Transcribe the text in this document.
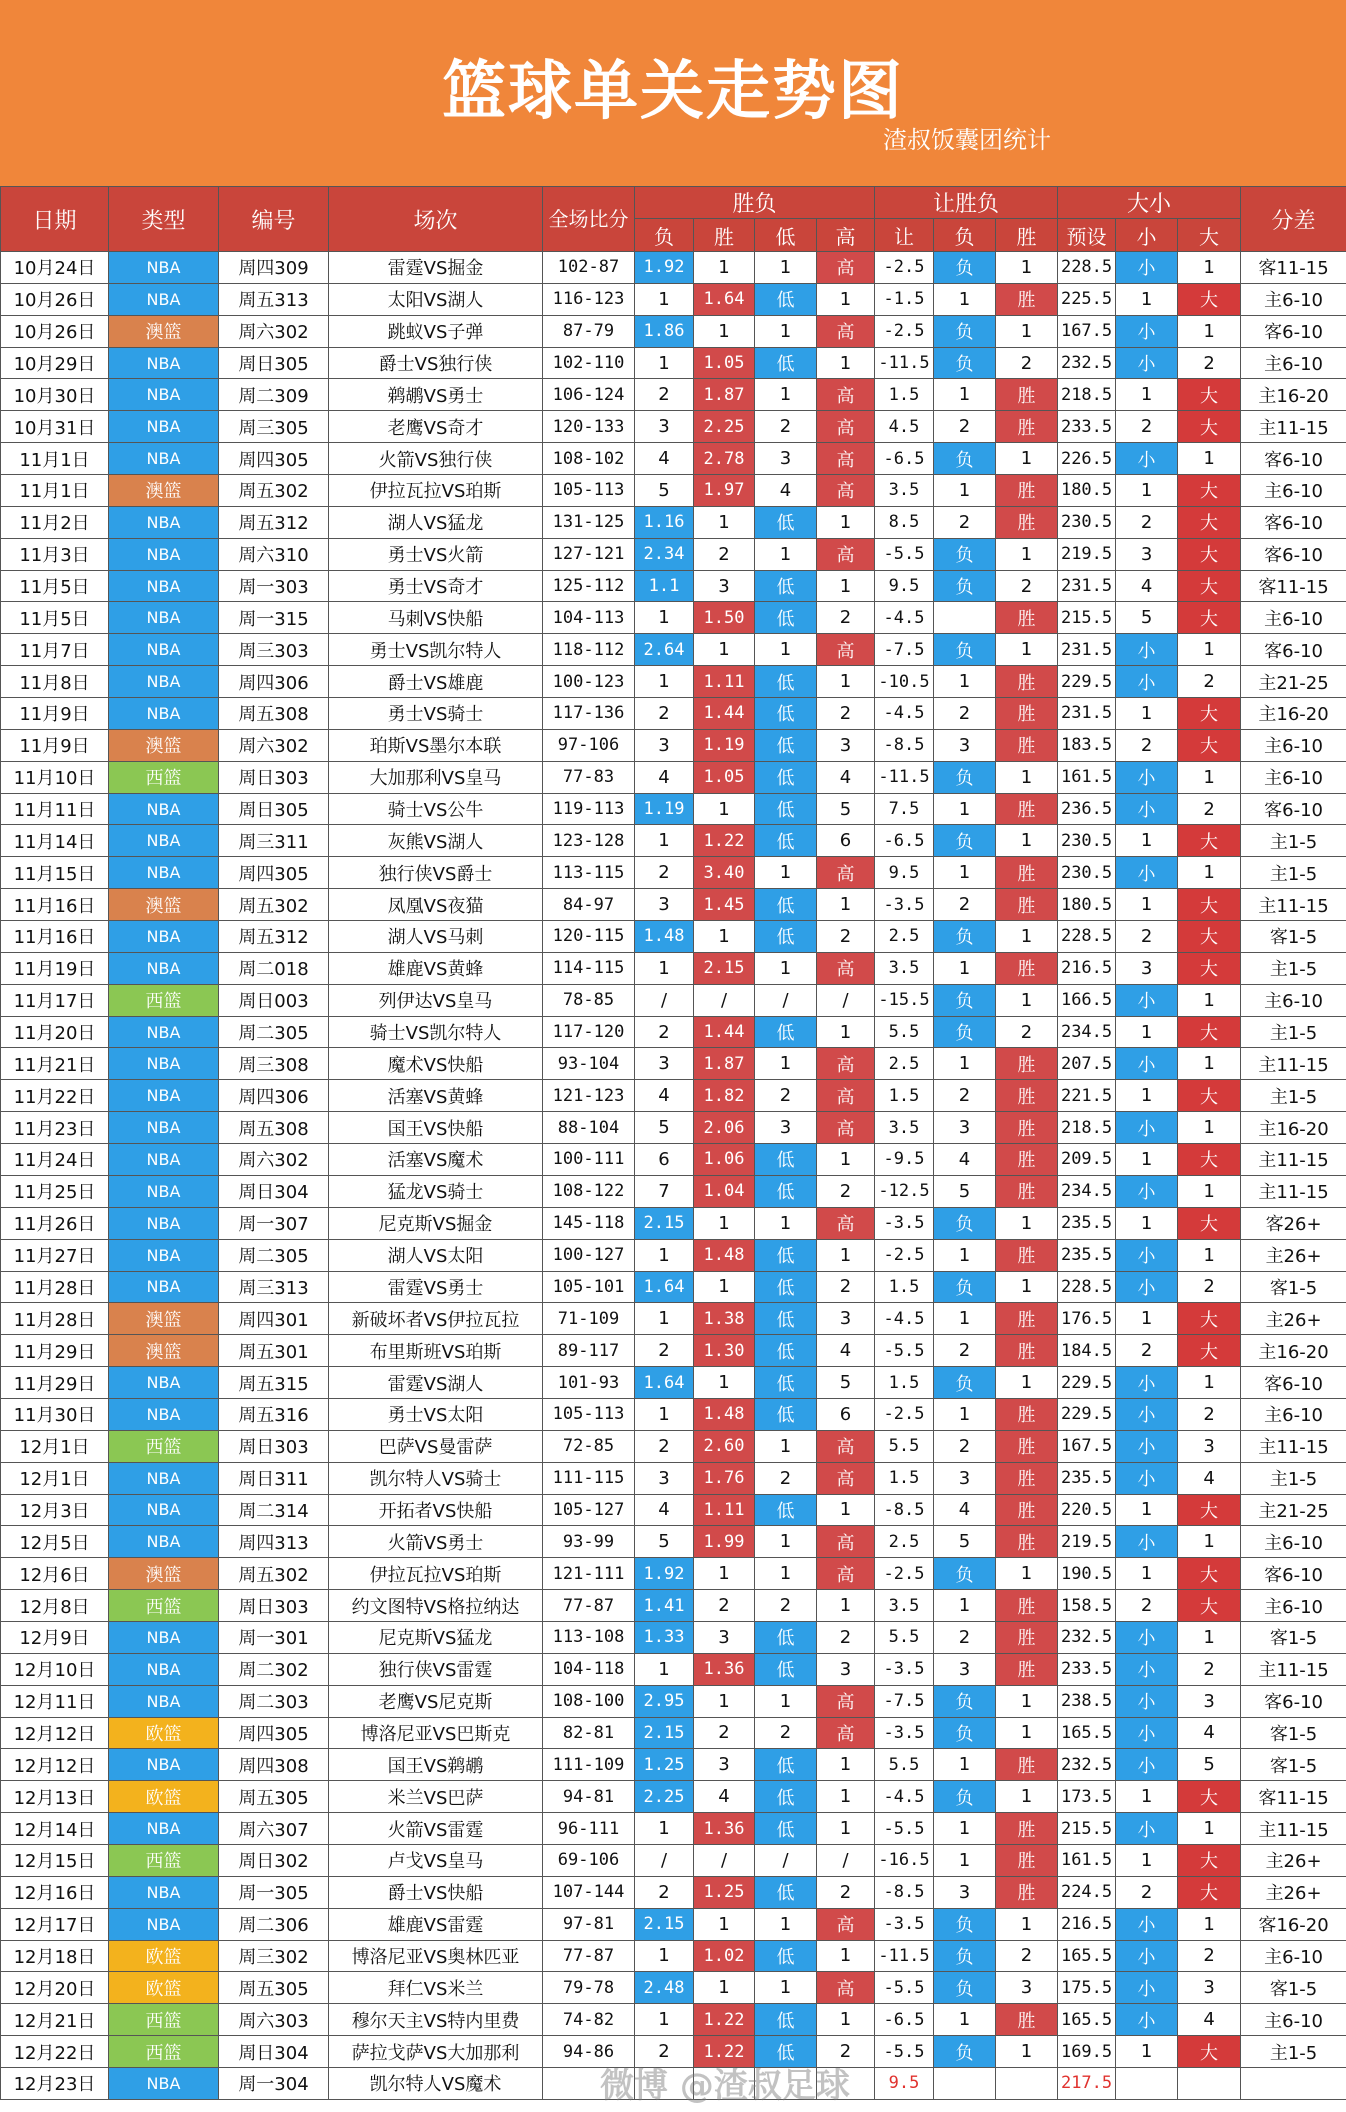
篮球单关走势图
渣叔饭囊团统计
日期	类型	编号	场次	全场比分	胜负				让胜负			大小			分差
					负	胜	低	高	让	负	胜	预设	小	大	
10月24日	NBA	周四309	雷霆VS掘金	102-87	1.92	1	1	高	-2.5	负	1	228.5	小	1	客11-15
10月26日	NBA	周五313	太阳VS湖人	116-123	1	1.64	低	1	-1.5	1	胜	225.5	1	大	主6-10
10月26日	澳篮	周六302	跳蚁VS子弹	87-79	1.86	1	1	高	-2.5	负	1	167.5	小	1	客6-10
10月29日	NBA	周日305	爵士VS独行侠	102-110	1	1.05	低	1	-11.5	负	2	232.5	小	2	主6-10
10月30日	NBA	周二309	鹈鹕VS勇士	106-124	2	1.87	1	高	1.5	1	胜	218.5	1	大	主16-20
10月31日	NBA	周三305	老鹰VS奇才	120-133	3	2.25	2	高	4.5	2	胜	233.5	2	大	主11-15
11月1日	NBA	周四305	火箭VS独行侠	108-102	4	2.78	3	高	-6.5	负	1	226.5	小	1	客6-10
11月1日	澳篮	周五302	伊拉瓦拉VS珀斯	105-113	5	1.97	4	高	3.5	1	胜	180.5	1	大	主6-10
11月2日	NBA	周五312	湖人VS猛龙	131-125	1.16	1	低	1	8.5	2	胜	230.5	2	大	客6-10
11月3日	NBA	周六310	勇士VS火箭	127-121	2.34	2	1	高	-5.5	负	1	219.5	3	大	客6-10
11月5日	NBA	周一303	勇士VS奇才	125-112	1.1	3	低	1	9.5	负	2	231.5	4	大	客11-15
11月5日	NBA	周一315	马刺VS快船	104-113	1	1.50	低	2	-4.5		胜	215.5	5	大	主6-10
11月7日	NBA	周三303	勇士VS凯尔特人	118-112	2.64	1	1	高	-7.5	负	1	231.5	小	1	客6-10
11月8日	NBA	周四306	爵士VS雄鹿	100-123	1	1.11	低	1	-10.5	1	胜	229.5	小	2	主21-25
11月9日	NBA	周五308	勇士VS骑士	117-136	2	1.44	低	2	-4.5	2	胜	231.5	1	大	主16-20
11月9日	澳篮	周六302	珀斯VS墨尔本联	97-106	3	1.19	低	3	-8.5	3	胜	183.5	2	大	主6-10
11月10日	西篮	周日303	大加那利VS皇马	77-83	4	1.05	低	4	-11.5	负	1	161.5	小	1	主6-10
11月11日	NBA	周日305	骑士VS公牛	119-113	1.19	1	低	5	7.5	1	胜	236.5	小	2	客6-10
11月14日	NBA	周三311	灰熊VS湖人	123-128	1	1.22	低	6	-6.5	负	1	230.5	1	大	主1-5
11月15日	NBA	周四305	独行侠VS爵士	113-115	2	3.40	1	高	9.5	1	胜	230.5	小	1	主1-5
11月16日	澳篮	周五302	凤凰VS夜猫	84-97	3	1.45	低	1	-3.5	2	胜	180.5	1	大	主11-15
11月16日	NBA	周五312	湖人VS马刺	120-115	1.48	1	低	2	2.5	负	1	228.5	2	大	客1-5
11月19日	NBA	周二018	雄鹿VS黄蜂	114-115	1	2.15	1	高	3.5	1	胜	216.5	3	大	主1-5
11月17日	西篮	周日003	列伊达VS皇马	78-85	/	/	/	/	-15.5	负	1	166.5	小	1	主6-10
11月20日	NBA	周二305	骑士VS凯尔特人	117-120	2	1.44	低	1	5.5	负	2	234.5	1	大	主1-5
11月21日	NBA	周三308	魔术VS快船	93-104	3	1.87	1	高	2.5	1	胜	207.5	小	1	主11-15
11月22日	NBA	周四306	活塞VS黄蜂	121-123	4	1.82	2	高	1.5	2	胜	221.5	1	大	主1-5
11月23日	NBA	周五308	国王VS快船	88-104	5	2.06	3	高	3.5	3	胜	218.5	小	1	主16-20
11月24日	NBA	周六302	活塞VS魔术	100-111	6	1.06	低	1	-9.5	4	胜	209.5	1	大	主11-15
11月25日	NBA	周日304	猛龙VS骑士	108-122	7	1.04	低	2	-12.5	5	胜	234.5	小	1	主11-15
11月26日	NBA	周一307	尼克斯VS掘金	145-118	2.15	1	1	高	-3.5	负	1	235.5	1	大	客26+
11月27日	NBA	周二305	湖人VS太阳	100-127	1	1.48	低	1	-2.5	1	胜	235.5	小	1	主26+
11月28日	NBA	周三313	雷霆VS勇士	105-101	1.64	1	低	2	1.5	负	1	228.5	小	2	客1-5
11月28日	澳篮	周四301	新破坏者VS伊拉瓦拉	71-109	1	1.38	低	3	-4.5	1	胜	176.5	1	大	主26+
11月29日	澳篮	周五301	布里斯班VS珀斯	89-117	2	1.30	低	4	-5.5	2	胜	184.5	2	大	主16-20
11月29日	NBA	周五315	雷霆VS湖人	101-93	1.64	1	低	5	1.5	负	1	229.5	小	1	客6-10
11月30日	NBA	周五316	勇士VS太阳	105-113	1	1.48	低	6	-2.5	1	胜	229.5	小	2	主6-10
12月1日	西篮	周日303	巴萨VS曼雷萨	72-85	2	2.60	1	高	5.5	2	胜	167.5	小	3	主11-15
12月1日	NBA	周日311	凯尔特人VS骑士	111-115	3	1.76	2	高	1.5	3	胜	235.5	小	4	主1-5
12月3日	NBA	周二314	开拓者VS快船	105-127	4	1.11	低	1	-8.5	4	胜	220.5	1	大	主21-25
12月5日	NBA	周四313	火箭VS勇士	93-99	5	1.99	1	高	2.5	5	胜	219.5	小	1	主6-10
12月6日	澳篮	周五302	伊拉瓦拉VS珀斯	121-111	1.92	1	1	高	-2.5	负	1	190.5	1	大	客6-10
12月8日	西篮	周日303	约文图特VS格拉纳达	77-87	1.41	2	2	1	3.5	1	胜	158.5	2	大	主6-10
12月9日	NBA	周一301	尼克斯VS猛龙	113-108	1.33	3	低	2	5.5	2	胜	232.5	小	1	客1-5
12月10日	NBA	周二302	独行侠VS雷霆	104-118	1	1.36	低	3	-3.5	3	胜	233.5	小	2	主11-15
12月11日	NBA	周二303	老鹰VS尼克斯	108-100	2.95	1	1	高	-7.5	负	1	238.5	小	3	客6-10
12月12日	欧篮	周四305	博洛尼亚VS巴斯克	82-81	2.15	2	2	高	-3.5	负	1	165.5	小	4	客1-5
12月12日	NBA	周四308	国王VS鹈鹕	111-109	1.25	3	低	1	5.5	1	胜	232.5	小	5	客1-5
12月13日	欧篮	周五305	米兰VS巴萨	94-81	2.25	4	低	1	-4.5	负	1	173.5	1	大	客11-15
12月14日	NBA	周六307	火箭VS雷霆	96-111	1	1.36	低	1	-5.5	1	胜	215.5	小	1	主11-15
12月15日	西篮	周日302	卢戈VS皇马	69-106	/	/	/	/	-16.5	1	胜	161.5	1	大	主26+
12月16日	NBA	周一305	爵士VS快船	107-144	2	1.25	低	2	-8.5	3	胜	224.5	2	大	主26+
12月17日	NBA	周二306	雄鹿VS雷霆	97-81	2.15	1	1	高	-3.5	负	1	216.5	小	1	客16-20
12月18日	欧篮	周三302	博洛尼亚VS奥林匹亚	77-87	1	1.02	低	1	-11.5	负	2	165.5	小	2	主6-10
12月20日	欧篮	周五305	拜仁VS米兰	79-78	2.48	1	1	高	-5.5	负	3	175.5	小	3	客1-5
12月21日	西篮	周六303	穆尔天主VS特内里费	74-82	1	1.22	低	1	-6.5	1	胜	165.5	小	4	主6-10
12月22日	西篮	周日304	萨拉戈萨VS大加那利	94-86	2	1.22	低	2	-5.5	负	1	169.5	1	大	主1-5
12月23日	NBA	周一304	凯尔特人VS魔术						9.5			217.5			
微博 @渣叔足球
